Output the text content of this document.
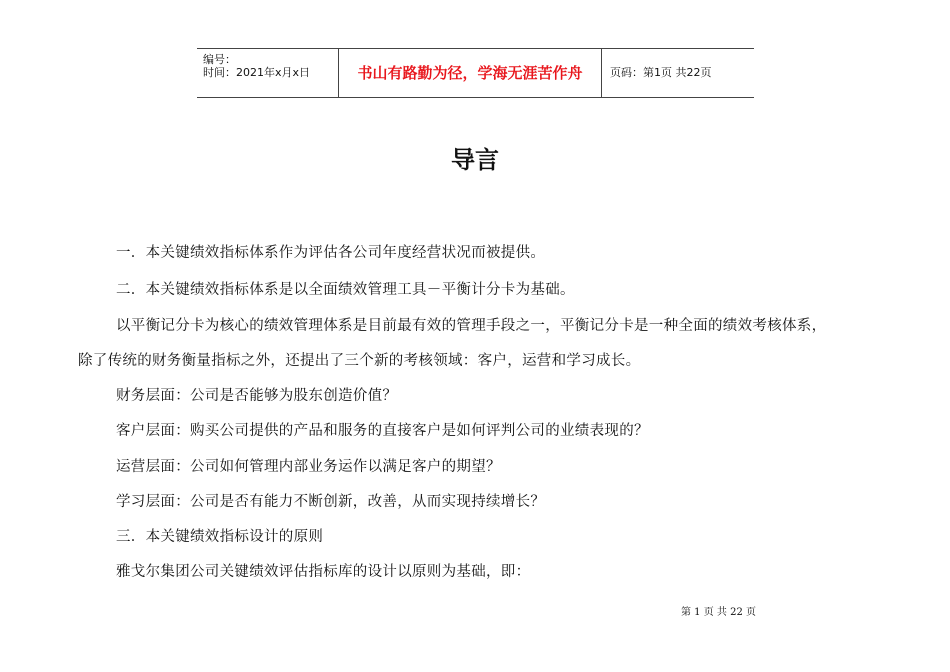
编号：
时间：2021年x月x日	书山有路勤为径，学海无涯苦作舟	页码：第1页 共22页
导言
一．本关键绩效指标体系作为评估各公司年度经营状况而被提供。
二．本关键绩效指标体系是以全面绩效管理工具－平衡计分卡为基础。
以平衡记分卡为核心的绩效管理体系是目前最有效的管理手段之一，平衡记分卡是一种全面的绩效考核体系，
除了传统的财务衡量指标之外，还提出了三个新的考核领域：客户，运营和学习成长。
财务层面：公司是否能够为股东创造价值？
客户层面：购买公司提供的产品和服务的直接客户是如何评判公司的业绩表现的？
运营层面：公司如何管理内部业务运作以满足客户的期望？
学习层面：公司是否有能力不断创新，改善，从而实现持续增长？
三．本关键绩效指标设计的原则
雅戈尔集团公司关键绩效评估指标库的设计以原则为基础，即：
第 1 页 共 22 页
